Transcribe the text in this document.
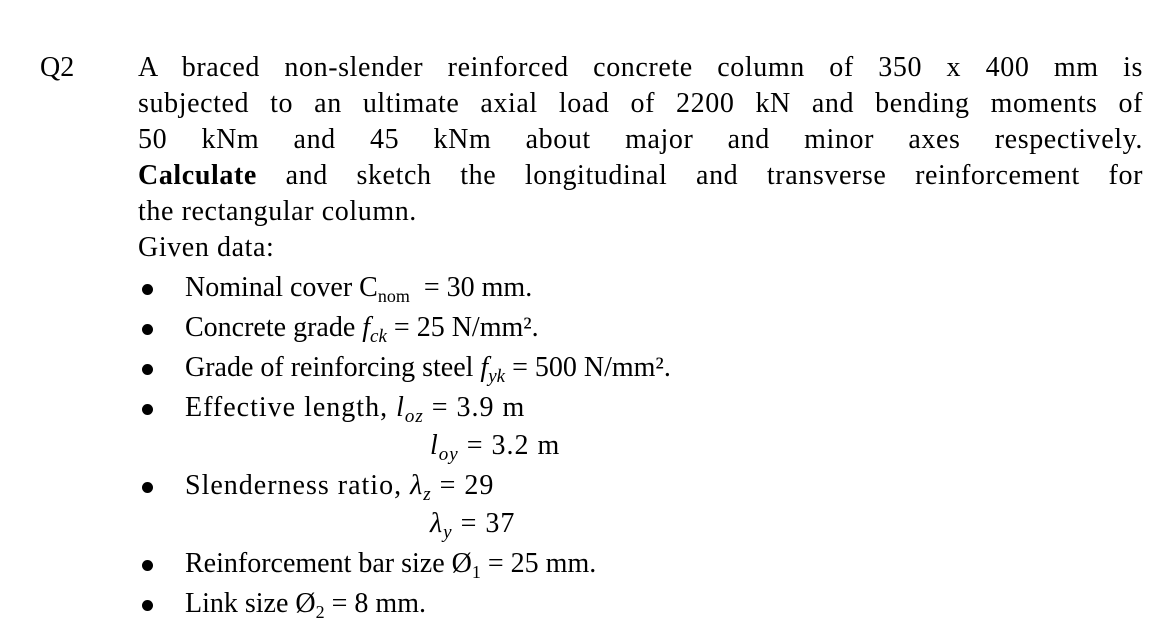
Q2 A braced non-slender reinforced concrete column of 350 x 400 mm is
subjected to an ultimate axial load of 2200 kN and bending moments of
50 kNm and 45 kNm about major and minor axes respectively.
Calculate and sketch the longitudinal and transverse reinforcement for
the rectangular column.
Given data:
Nominal cover $C_{nom} = 30$ mm.
Concrete grade $f_{ck} = 25$ N/mm².
Grade of reinforcing steel $f_{yk} = 500$ N/mm².
Effective length, $l_{oz} = 3.9$ m
$l_{oy} = 3.2$ m
Slenderness ratio, $\lambda_z = 29$
$\lambda_y = 37$
Reinforcement bar size $Ø_1 = 25$ mm.
Link size $Ø_2 = 8$ mm.
